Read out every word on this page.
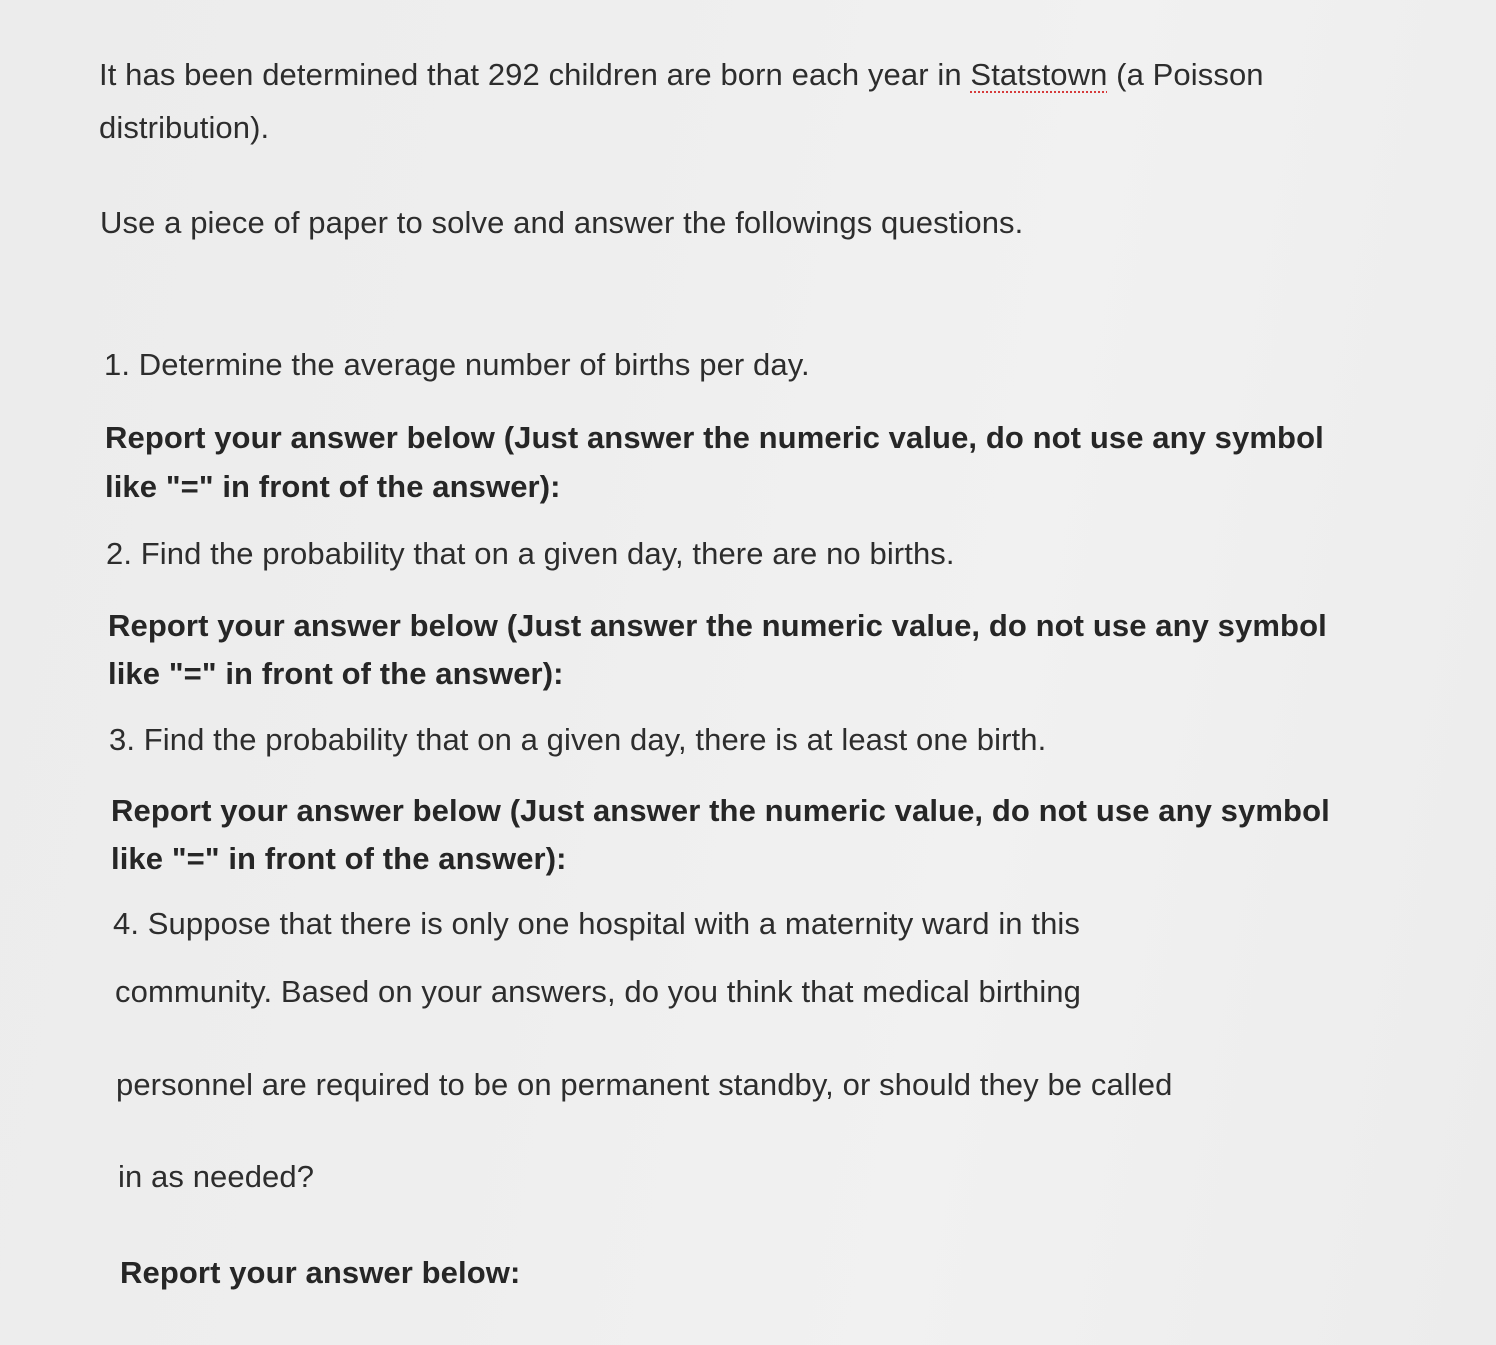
It has been determined that 292 children are born each year in Statstown (a Poisson
distribution).
Use a piece of paper to solve and answer the followings questions.
1. Determine the average number of births per day.
Report your answer below (Just answer the numeric value, do not use any symbol
like "=" in front of the answer):
2. Find the probability that on a given day, there are no births.
Report your answer below (Just answer the numeric value, do not use any symbol
like "=" in front of the answer):
3. Find the probability that on a given day, there is at least one birth.
Report your answer below (Just answer the numeric value, do not use any symbol
like "=" in front of the answer):
4. Suppose that there is only one hospital with a maternity ward in this
community. Based on your answers, do you think that medical birthing
personnel are required to be on permanent standby, or should they be called
in as needed?
Report your answer below:
